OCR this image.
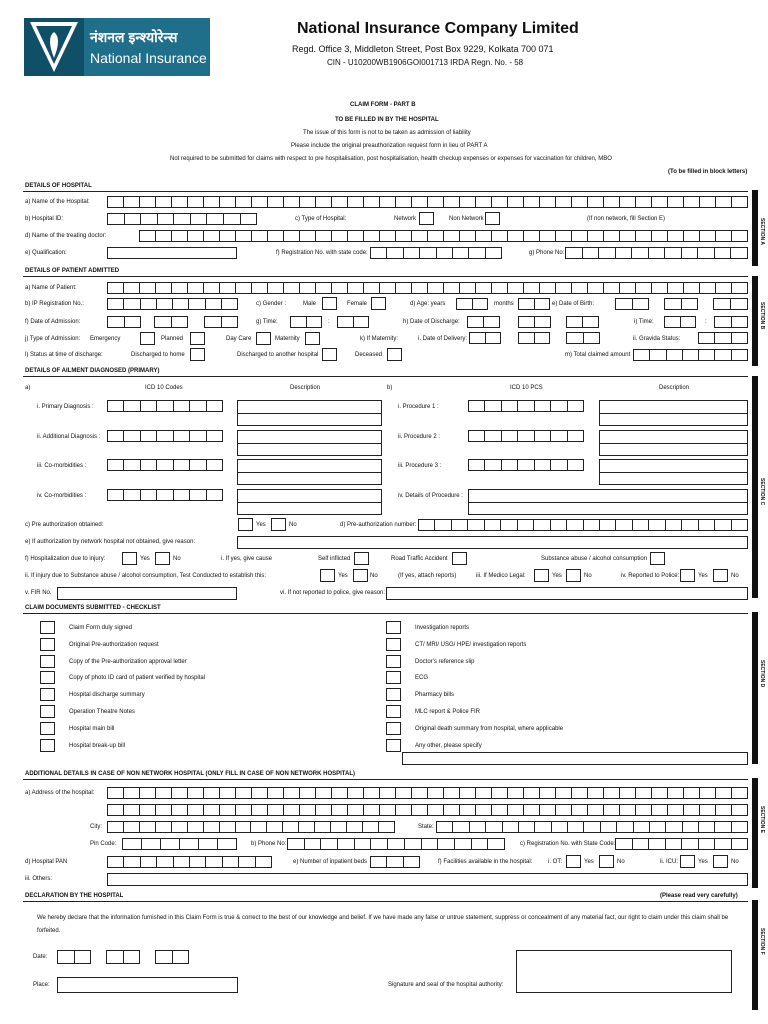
नंशनल इन्श्योरेन्स
National Insurance
National Insurance Company Limited
Regd. Office 3, Middleton Street, Post Box 9229, Kolkata 700 071
CIN - U10200WB1906GOI001713 IRDA Regn. No. - 58
CLAIM FORM - PART B
TO BE FILLED IN BY THE HOSPITAL
The issue of this form is not to be taken as admission of liability
Please include the original preauthorization request form in lieu of PART A
Not required to be submitted for claims with respect to pre hospitalisation, post hospitalisation, health checkup expenses or expenses for vaccination for children, MBO
(To be filled in block letters)
SECTION A
SECTION B
SECTION C
SECTION D
SECTION E
SECTION F
DETAILS OF HOSPITAL
a) Name of the Hospital:
b) Hospital ID:	c) Type of Hospital:	Network	Non Network	(If non network, fill Section E)
d) Name of the treating doctor:
e) Qualification:	f) Registration No. with state code:	g) Phone No:
DETAILS OF PATIENT ADMITTED
a) Name of Patient:
b) IP Registration No.:	c) Gender :	Male	Female	d) Age: years	months	e) Date of Birth:
f) Date of Admission:	g) Time:	:	h) Date of Discharge:	i) Time:	:
j) Type of Admission: Emergency	Planned	Day Care	Maternity	k) If Maternity:	i. Date of Delivery:	ii. Gravida Status:
l) Status at time of discharge:	Discharged to home	Discharged to another hospital	Deceased	m) Total claimed amount
DETAILS OF AILMENT DIAGNOSED (PRIMARY)
a)	ICD 10 Codes	Description	b)	ICD 10 PCS	Description
i. Primary Diagnosis :	i. Procedure 1 :
ii. Additional Diagnosis :	ii. Procedure 2 :
iii. Co-morbidities :	iii. Procedure 3 :
iv. Co-morbidities :	iv. Details of Procedure :
c) Pre authorization obtained:	Yes	No	d) Pre-authorization number:
e) If authorization by network hospital not obtained, give reason:
f) Hospitalization due to injury:	Yes	No	i. If yes, give cause	Self inflicted	Road Traffic Accident	Substance abuse / alcohol consumption
ii. If injury due to Substance abuse / alcohol consumption, Test Conducted to establish this:	Yes	No	(If yes, attach reports)	iii. If Medico Legal:	Yes	No	iv. Reported to Police:	Yes	No
v. FIR No.	vi. If not reported to police, give reason:
CLAIM DOCUMENTS SUBMITTED - CHECKLIST
Claim Form duly signed
Original Pre-authorization request
Copy of the Pre-authorization approval letter
Copy of photo ID card of patient verified by hospital
Hospital discharge summary
Operation Theatre Notes
Hospital main bill
Hospital break-up bill
Investigation reports
CT/ MRI/ USG/ HPE/ investigation reports
Doctor's reference slip
ECG
Pharmacy bills
MLC report & Police FIR
Original death summary from hospital, where applicable
Any other, please specify
ADDITIONAL DETAILS IN CASE OF NON NETWORK HOSPITAL (ONLY FILL IN CASE OF NON NETWORK HOSPITAL)
a) Address of the hospital:
City:	State:
Pin Code:	b) Phone No:	c) Registration No. with State Code:
d) Hospital PAN	e) Number of inpatient beds	f) Facilities available in the hospital:	i. OT:	Yes	No	ii. ICU:	Yes	No
iii. Others:
DECLARATION BY THE HOSPITAL	(Please read very carefully)
We hereby declare that the information furnished in this Claim Form is true & correct to the best of our knowledge and belief. If we have made any false or untrue statement, suppress or concealment of any material fact, our right to claim under this claim shall be
forfeited.
Date:
Place:	Signature and seal of the hospital authority:
